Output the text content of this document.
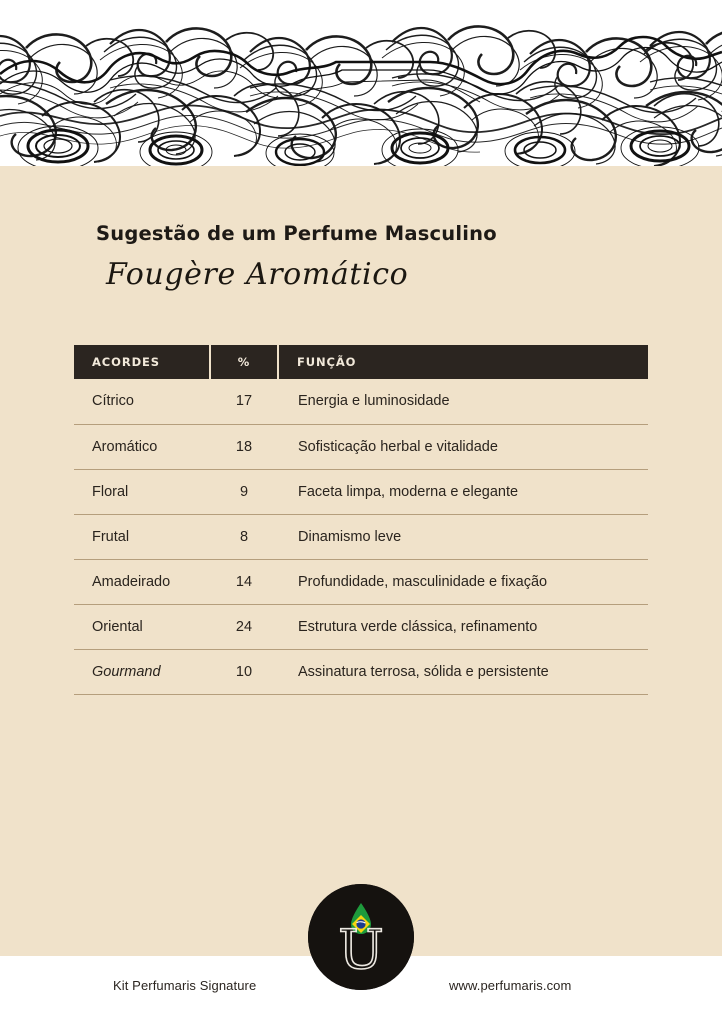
Sugestão de um Perfume Masculino
Fougère Aromático
ACORDES	%	FUNÇÃO
Cítrico	17	Energia e luminosidade
Aromático	18	Sofisticação herbal e vitalidade
Floral	9	Faceta limpa, moderna e elegante
Frutal	8	Dinamismo leve
Amadeirado	14	Profundidade, masculinidade e fixação
Oriental	24	Estrutura verde clássica, refinamento
Gourmand	10	Assinatura terrosa, sólida e persistente
U
Kit Perfumaris Signature	www.perfumaris.com
